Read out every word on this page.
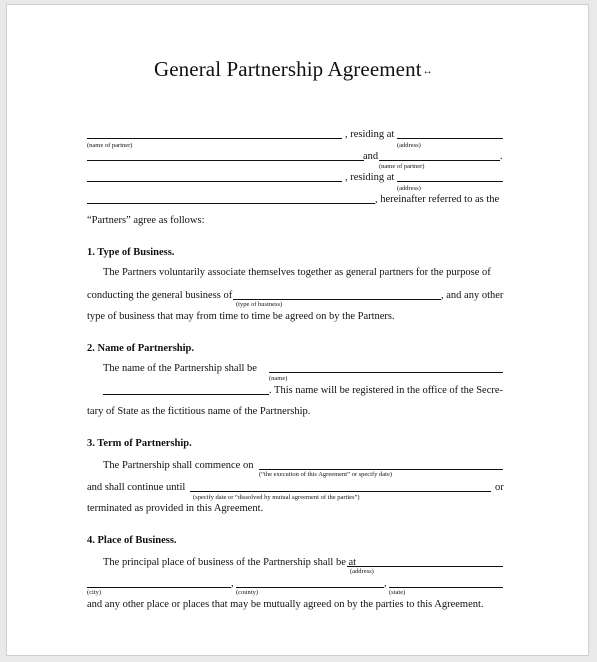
General Partnership Agreement↔
, residing at
(name of partner)	(address)
and	.
(name of partner)
, residing at
(address)
, hereinafter referred to as the
“Partners” agree as follows:
1. Type of Business.
The Partners voluntarily associate themselves together as general partners for the purpose of
conducting the general business of	, and any other
(type of business)
type of business that may from time to time be agreed on by the Partners.
2. Name of Partnership.
The name of the Partnership shall be
(name)
. This name will be registered in the office of the Secre-
tary of State as the fictitious name of the Partnership.
3. Term of Partnership.
The Partnership shall commence on
(“the execution of this Agreement” or specify date)
and shall continue until	or
(specify date or “dissolved by mutual agreement of the parties”)
terminated as provided in this Agreement.
4. Place of Business.
The principal place of business of the Partnership shall be at
(address)
,	,
(city)	(county)	(state)
and any other place or places that may be mutually agreed on by the parties to this Agreement.
